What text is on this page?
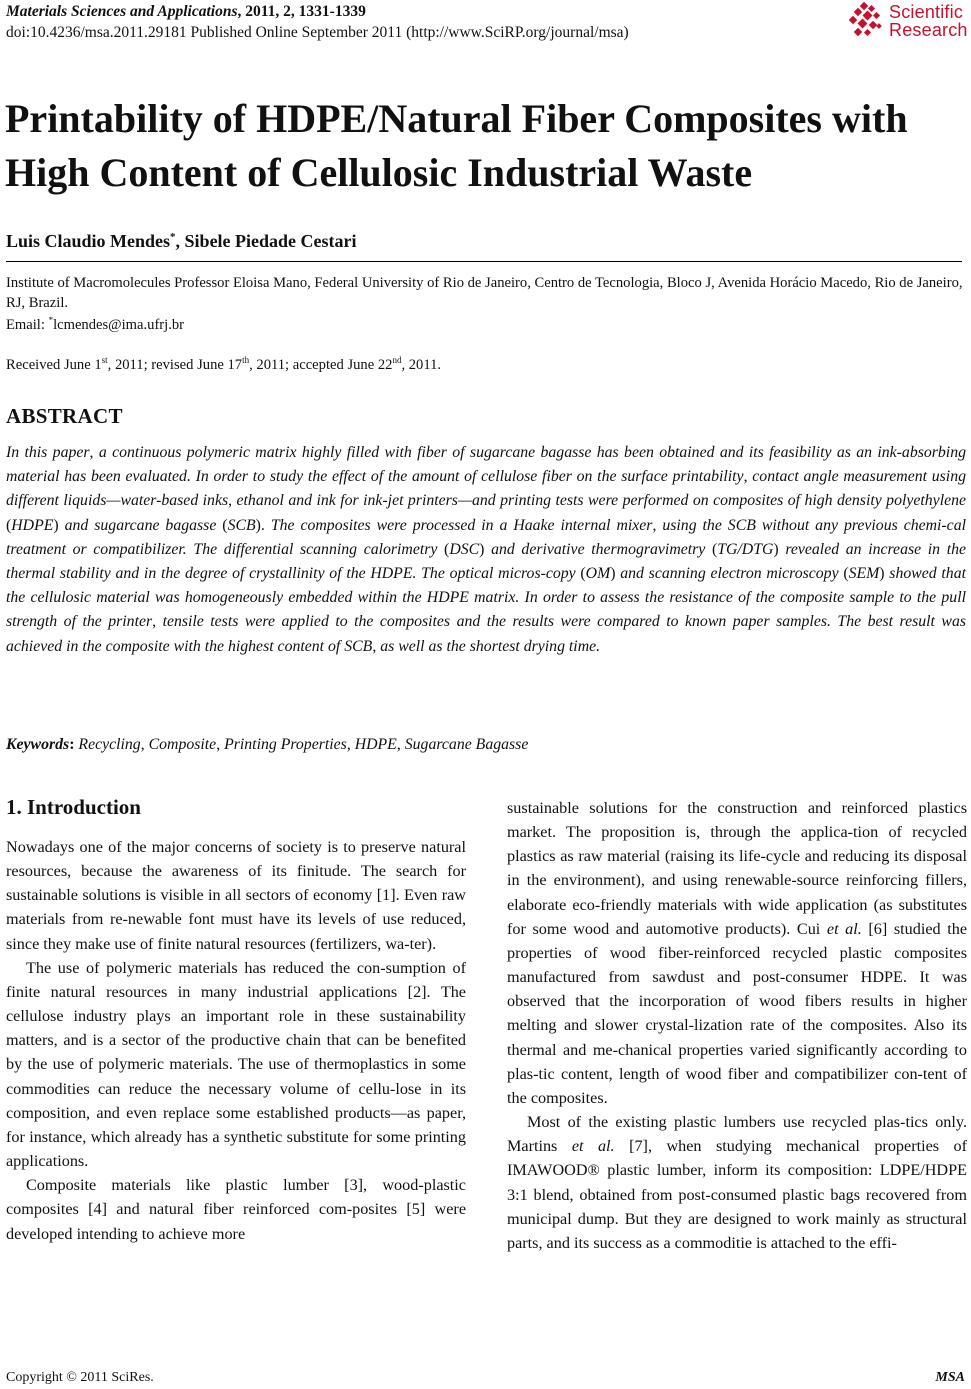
Materials Sciences and Applications, 2011, 2, 1331-1339
doi:10.4236/msa.2011.29181 Published Online September 2011 (http://www.SciRP.org/journal/msa)
Scientific
Research
Printability of HDPE/Natural Fiber Composites with High Content of Cellulosic Industrial Waste
Luis Claudio Mendes*, Sibele Piedade Cestari
Institute of Macromolecules Professor Eloisa Mano, Federal University of Rio de Janeiro, Centro de Tecnologia, Bloco J, Avenida Horácio Macedo, Rio de Janeiro, RJ, Brazil.
Email: *lcmendes@ima.ufrj.br
Received June 1st, 2011; revised June 17th, 2011; accepted June 22nd, 2011.
ABSTRACT
In this paper, a continuous polymeric matrix highly filled with fiber of sugarcane bagasse has been obtained and its feasibility as an ink-absorbing material has been evaluated. In order to study the effect of the amount of cellulose fiber on the surface printability, contact angle measurement using different liquids—water-based inks, ethanol and ink for ink-jet printers—and printing tests were performed on composites of high density polyethylene (HDPE) and sugarcane bagasse (SCB). The composites were processed in a Haake internal mixer, using the SCB without any previous chemi-cal treatment or compatibilizer. The differential scanning calorimetry (DSC) and derivative thermogravimetry (TG/DTG) revealed an increase in the thermal stability and in the degree of crystallinity of the HDPE. The optical micros-copy (OM) and scanning electron microscopy (SEM) showed that the cellulosic material was homogeneously embedded within the HDPE matrix. In order to assess the resistance of the composite sample to the pull strength of the printer, tensile tests were applied to the composites and the results were compared to known paper samples. The best result was achieved in the composite with the highest content of SCB, as well as the shortest drying time.
Keywords: Recycling, Composite, Printing Properties, HDPE, Sugarcane Bagasse
1. Introduction

Nowadays one of the major concerns of society is to preserve natural resources, because the awareness of its finitude. The search for sustainable solutions is visible in all sectors of economy [1]. Even raw materials from re-newable font must have its levels of use reduced, since they make use of finite natural resources (fertilizers, wa-ter).

The use of polymeric materials has reduced the con-sumption of finite natural resources in many industrial applications [2]. The cellulose industry plays an important role in these sustainability matters, and is a sector of the productive chain that can be benefited by the use of polymeric materials. The use of thermoplastics in some commodities can reduce the necessary volume of cellu-lose in its composition, and even replace some established products—as paper, for instance, which already has a synthetic substitute for some printing applications.

Composite materials like plastic lumber [3], wood-plastic composites [4] and natural fiber reinforced com-posites [5] were developed intending to achieve more

sustainable solutions for the construction and reinforced plastics market. The proposition is, through the applica-tion of recycled plastics as raw material (raising its life-cycle and reducing its disposal in the environment), and using renewable-source reinforcing fillers, elaborate eco-friendly materials with wide application (as substitutes for some wood and automotive products). Cui et al. [6] studied the properties of wood fiber-reinforced recycled plastic composites manufactured from sawdust and post-consumer HDPE. It was observed that the incorporation of wood fibers results in higher melting and slower crystal-lization rate of the composites. Also its thermal and me-chanical properties varied significantly according to plas-tic content, length of wood fiber and compatibilizer con-tent of the composites.

Most of the existing plastic lumbers use recycled plas-tics only. Martins et al. [7], when studying mechanical properties of IMAWOOD® plastic lumber, inform its composition: LDPE/HDPE 3:1 blend, obtained from post-consumed plastic bags recovered from municipal dump. But they are designed to work mainly as structural parts, and its success as a commoditie is attached to the effi-

Copyright © 2011 SciRes.	MSA
